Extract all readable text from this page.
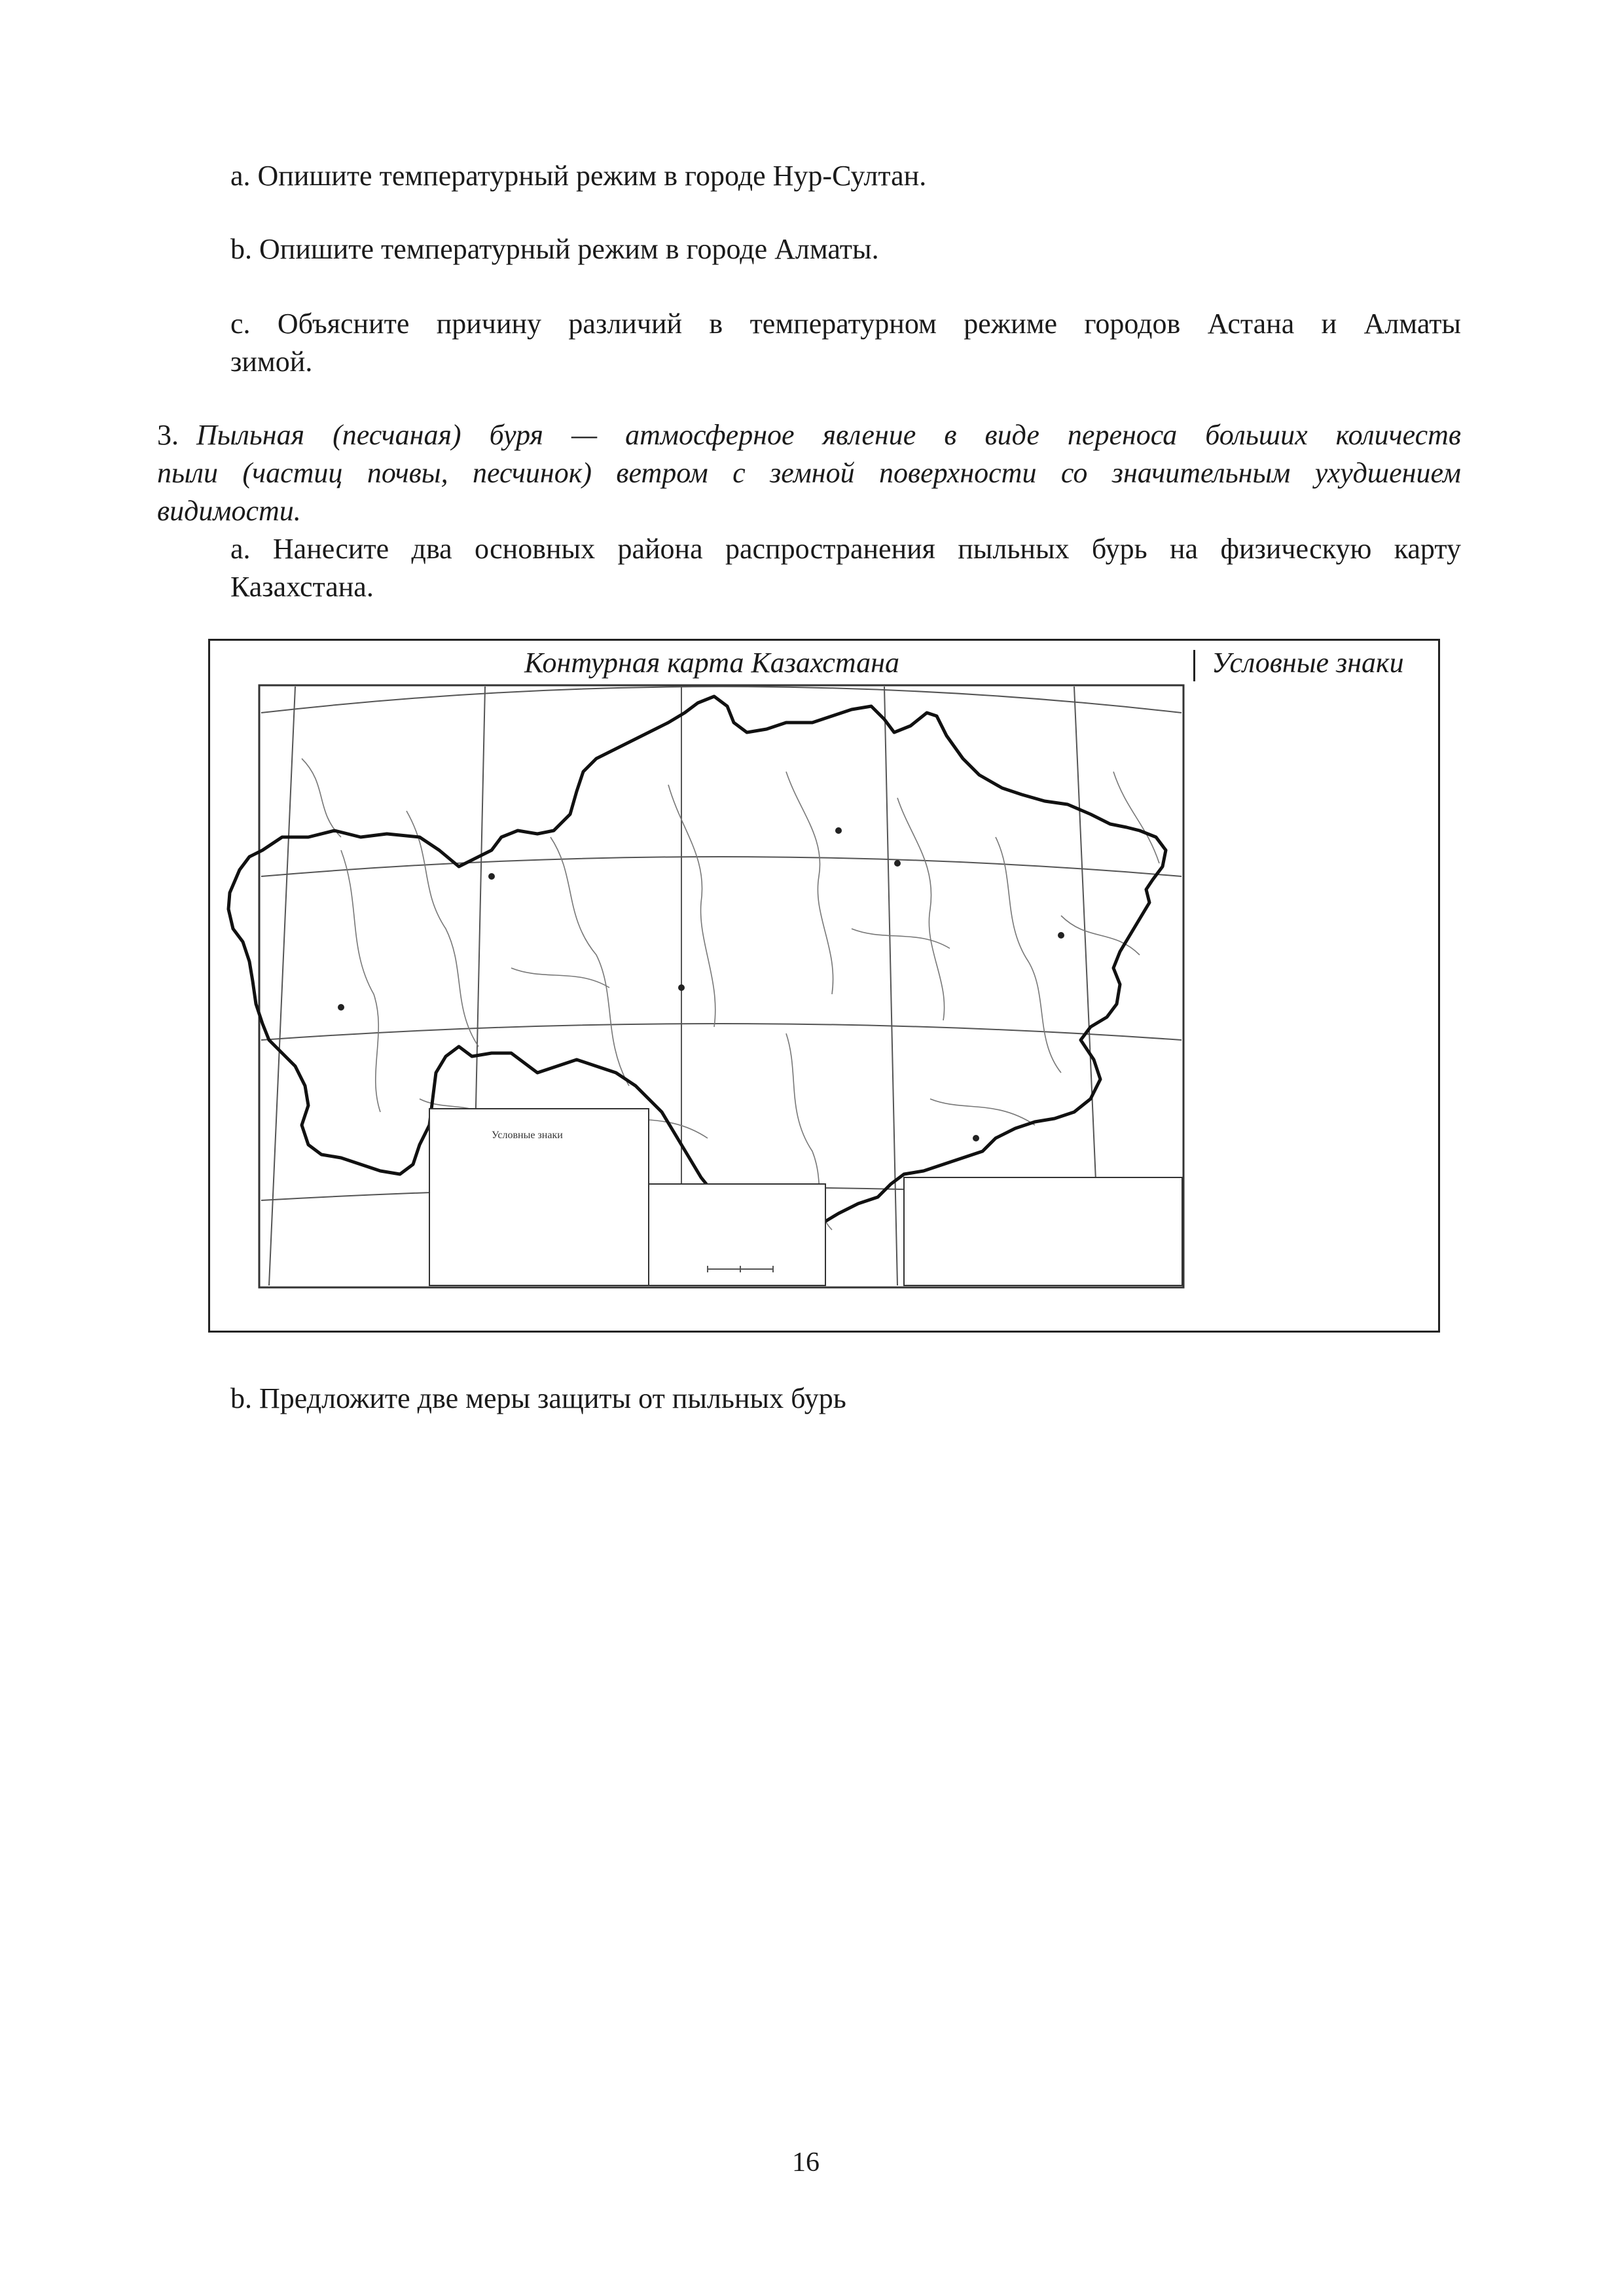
a. Опишите температурный режим в городе Нур-Султан.
b. Опишите температурный режим в городе Алматы.
c. Объясните причину различий в температурном режиме городов Астана и Алматы
зимой.
3. Пыльная (песчаная) буря — атмосферное явление в виде переноса больших количеств
пыли (частиц почвы, песчинок) ветром с земной поверхности со значительным ухудшением
видимости.
a. Нанесите два основных района распространения пыльных бурь на физическую карту
Казахстана.
Контурная карта Казахстана	Условные знаки
Условные знаки
b. Предложите две меры защиты от пыльных бурь
16
